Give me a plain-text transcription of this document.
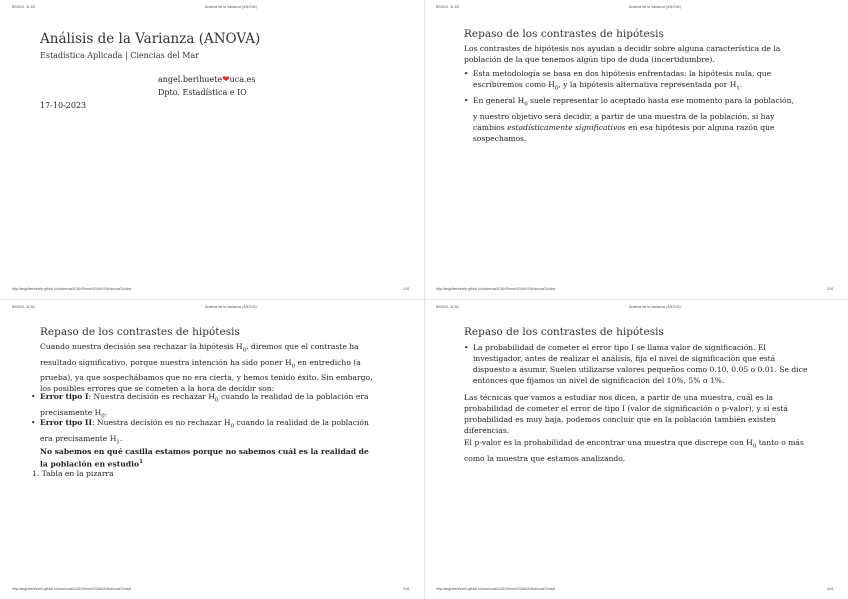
8/03/23, 11:53	Análisis de la Varianza (ANOVA)
Análisis de la Varianza (ANOVA)
Estadística Aplicada | Ciencias del Mar
angel.berihuete❤uca.es
Dpto. Estadística e IO
17-10-2023
http://angelberthuete.github.io/docencia/ACAN/Tema%20ANOVA/anova01/slide	1/41
8/03/23, 11:53	Análisis de la Varianza (ANOVA)
Repaso de los contrastes de hipótesis
Los contrastes de hipótesis nos ayudan a decidir sobre alguna característica de la población de la que tenemos algún tipo de duda (incertidumbre).
• Esta metodología se basa en dos hipótesis enfrentadas: la hipótesis nula, que escribiremos como $H_0$, y la hipótesis alternativa representada por $H_1$.
• En general $H_0$ suele representar lo aceptado hasta ese momento para la población, y nuestro objetivo será decidir, a partir de una muestra de la población, si hay cambios estadísticamente significativos en esa hipótesis por alguna razón que sospechamos.
http://angelberthuete.github.io/docencia/ACAN/Tema%20ANOVA/anova01/slide	2/41
8/03/23, 11:53	Análisis de la Varianza (ANOVA)
Repaso de los contrastes de hipótesis
Cuando nuestra decisión sea rechazar la hipótesis $H_0$, diremos que el contraste ha resultado significativo, porque nuestra intención ha sido poner $H_0$ en entredicho (a prueba), ya que sospechábamos que no era cierta, y hemos tenido éxito. Sin embargo, los posibles errores que se cometen a la hora de decidir son:
• Error tipo I: Nuestra decisión es rechazar $H_0$ cuando la realidad de la población era precisamente $H_0$.
• Error tipo II: Nuestra decisión es no rechazar $H_0$ cuando la realidad de la población era precisamente $H_1$.
No sabemos en qué casilla estamos porque no sabemos cuál es la realidad de la población en estudio$^1$
1. Tabla en la pizarra
http://angelberthuete.github.io/docencia/ACAN/Tema%20ANOVA/anova01/slide	3/41
8/03/23, 11:53	Análisis de la Varianza (ANOVA)
Repaso de los contrastes de hipótesis
• La probabilidad de cometer el error tipo I se llama valor de significación. El investigador, antes de realizar el análisis, fija el nivel de significación que está dispuesto a asumir. Suelen utilizarse valores pequeños como 0.10, 0.05 o 0.01. Se dice entonces que fijamos un nivel de significación del 10%, 5% o 1%.
Las técnicas que vamos a estudiar nos dicen, a partir de una muestra, cuál es la probabilidad de cometer el error de tipo I (valor de significación o p-valor), y si está probabilidad es muy baja, podemos concluir que en la población también existen diferencias.
El p-valor es la probabilidad de encontrar una muestra que discrepe con $H_0$ tanto o más como la muestra que estamos analizando.
http://angelberthuete.github.io/docencia/ACAN/Tema%20ANOVA/anova01/slide	4/41
